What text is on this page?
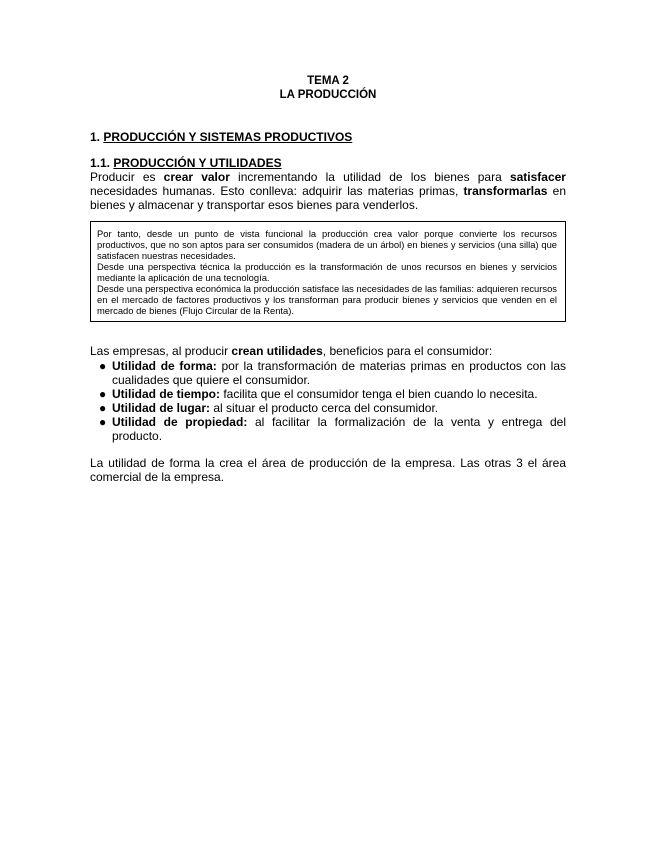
TEMA 2
LA PRODUCCIÓN
1. PRODUCCIÓN Y SISTEMAS PRODUCTIVOS
1.1. PRODUCCIÓN Y UTILIDADES
Producir es crear valor incrementando la utilidad de los bienes para satisfacer necesidades humanas. Esto conlleva: adquirir las materias primas, transformarlas en bienes y almacenar y transportar esos bienes para venderlos.

Por tanto, desde un punto de vista funcional la producción crea valor porque convierte los recursos productivos, que no son aptos para ser consumidos (madera de un árbol) en bienes y servicios (una silla) que satisfacen nuestras necesidades.

Desde una perspectiva técnica la producción es la transformación de unos recursos en bienes y servicios mediante la aplicación de una tecnología.

Desde una perspectiva económica la producción satisface las necesidades de las familias: adquieren recursos en el mercado de factores productivos y los transforman para producir bienes y servicios que venden en el mercado de bienes (Flujo Circular de la Renta).

Las empresas, al producir crean utilidades, beneficios para el consumidor:
● Utilidad de forma: por la transformación de materias primas en productos con las cualidades que quiere el consumidor.
● Utilidad de tiempo: facilita que el consumidor tenga el bien cuando lo necesita.
● Utilidad de lugar: al situar el producto cerca del consumidor.
● Utilidad de propiedad: al facilitar la formalización de la venta y entrega del producto.
La utilidad de forma la crea el área de producción de la empresa. Las otras 3 el área comercial de la empresa.
